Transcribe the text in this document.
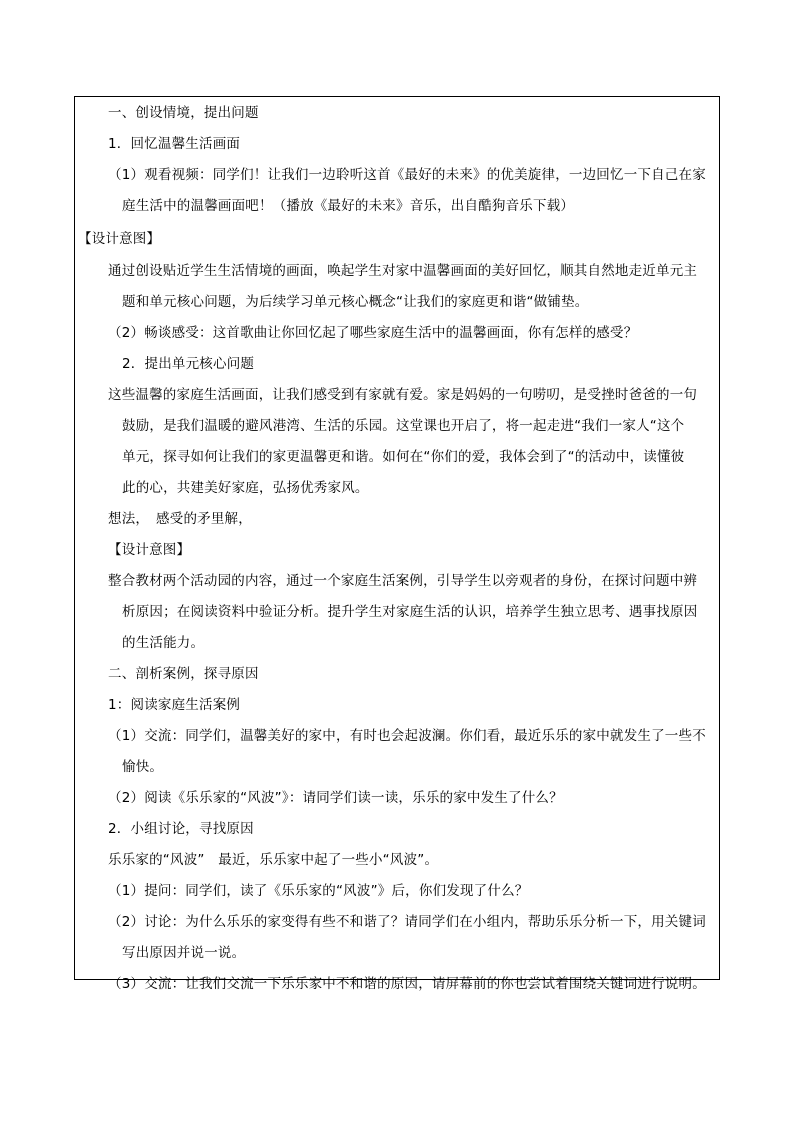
一、创设情境，提出问题
1．回忆温馨生活画面
（1）观看视频：同学们！让我们一边聆听这首《最好的未来》的优美旋律，一边回忆一下自己在家
庭生活中的温馨画面吧！（播放《最好的未来》音乐，出自酷狗音乐下载）
【设计意图】
通过创设贴近学生生活情境的画面，唤起学生对家中温馨画面的美好回忆，顺其自然地走近单元主
题和单元核心问题，为后续学习单元核心概念“让我们的家庭更和谐“做铺垫。
（2）畅谈感受：这首歌曲让你回忆起了哪些家庭生活中的温馨画面，你有怎样的感受？
2．提出单元核心问题
这些温馨的家庭生活画面，让我们感受到有家就有爱。家是妈妈的一句唠叨，是受挫时爸爸的一句
鼓励，是我们温暖的避风港湾、生活的乐园。这堂课也开启了，将一起走进“我们一家人“这个
单元，探寻如何让我们的家更温馨更和谐。如何在“你们的爱，我体会到了“的活动中，读懂彼
此的心，共建美好家庭，弘扬优秀家风。
想法，　感受的矛里解，
【设计意图】
整合教材两个活动园的内容，通过一个家庭生活案例，引导学生以旁观者的身份，在探讨问题中辨
析原因；在阅读资料中验证分析。提升学生对家庭生活的认识，培养学生独立思考、遇事找原因
的生活能力。
二、剖析案例，探寻原因
1：阅读家庭生活案例
（1）交流：同学们，温馨美好的家中，有时也会起波澜。你们看，最近乐乐的家中就发生了一些不
愉快。
（2）阅读《乐乐家的“风波”》：请同学们读一读，乐乐的家中发生了什么？
2．小组讨论，寻找原因
乐乐家的“风波”　最近，乐乐家中起了一些小“风波”。
（1）提问：同学们，读了《乐乐家的“风波”》后，你们发现了什么？
（2）讨论：为什么乐乐的家变得有些不和谐了？请同学们在小组内，帮助乐乐分析一下，用关键词
写出原因并说一说。
（3）交流：让我们交流一下乐乐家中不和谐的原因，请屏幕前的你也尝试着围绕关键词进行说明。
